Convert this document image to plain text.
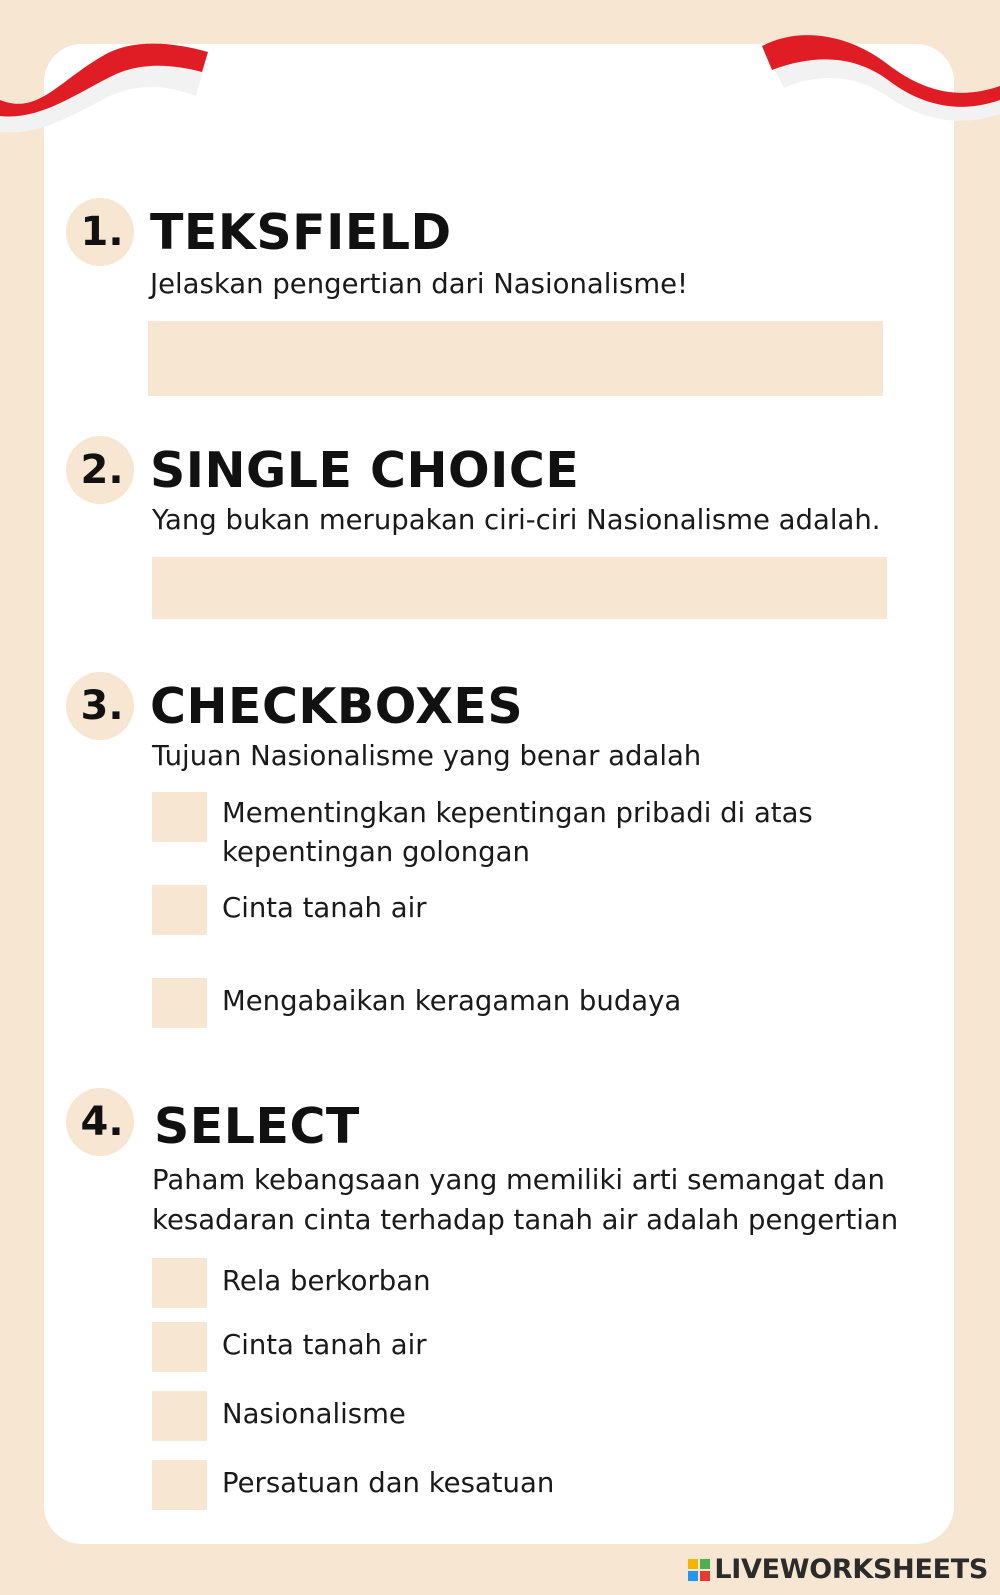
1. TEKSFIELD
Jelaskan pengertian dari Nasionalisme!
2. SINGLE CHOICE
Yang bukan merupakan ciri-ciri Nasionalisme adalah.
3. CHECKBOXES
Tujuan Nasionalisme yang benar adalah
Mementingkan kepentingan pribadi di atas kepentingan golongan
Cinta tanah air
Mengabaikan keragaman budaya
4. SELECT
Paham kebangsaan yang memiliki arti semangat dan kesadaran cinta terhadap tanah air adalah pengertian
Rela berkorban
Cinta tanah air
Nasionalisme
Persatuan dan kesatuan
LIVEWORKSHEETS
